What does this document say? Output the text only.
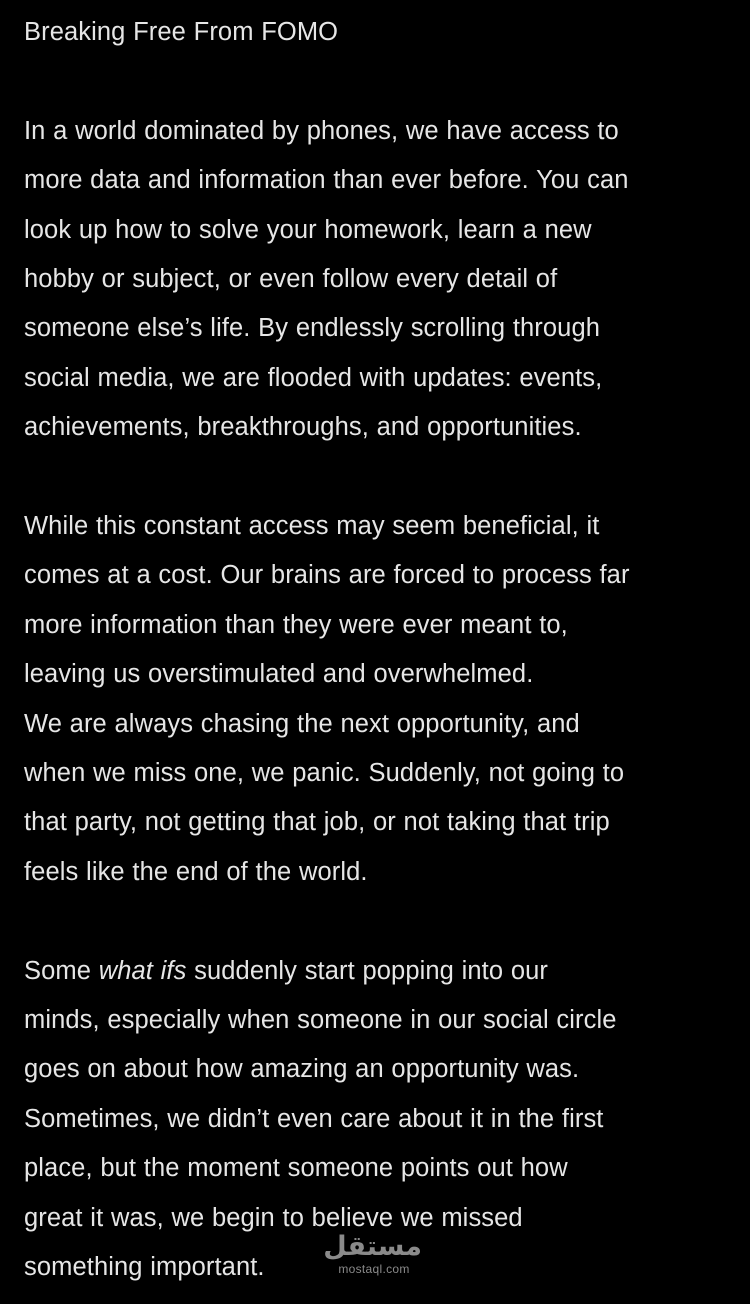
Breaking Free From FOMO

In a world dominated by phones, we have access to
more data and information than ever before. You can
look up how to solve your homework, learn a new
hobby or subject, or even follow every detail of
someone else’s life. By endlessly scrolling through
social media, we are flooded with updates: events,
achievements, breakthroughs, and opportunities.

While this constant access may seem beneficial, it
comes at a cost. Our brains are forced to process far
more information than they were ever meant to,
leaving us overstimulated and overwhelmed.
We are always chasing the next opportunity, and
when we miss one, we panic. Suddenly, not going to
that party, not getting that job, or not taking that trip
feels like the end of the world.

Some what ifs suddenly start popping into our
minds, especially when someone in our social circle
goes on about how amazing an opportunity was.
Sometimes, we didn’t even care about it in the first
place, but the moment someone points out how
great it was, we begin to believe we missed
something important.

مستقل
mostaql.com
